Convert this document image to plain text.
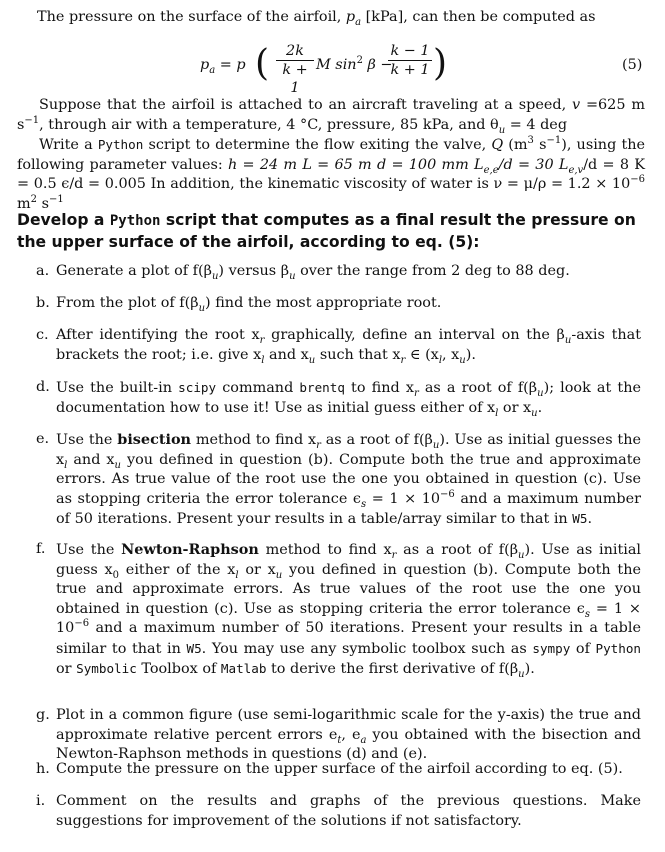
The pressure on the surface of the airfoil, $p_a$ [kPa], can then be computed as
$p_a = p$ ( $\frac{2k}{k + 1}$ M $\sin^2 \beta$ −
$\frac{k - 1}{k + 1}$ )	(5)
Suppose that the airfoil is attached to an aircraft traveling at a speed, v =625 m $s^{-1}$, through air with a temperature, 4 °C, pressure, 85 kPa, and $\theta_u = 4$ deg
Write a Python script to determine the flow exiting the valve, Q ($m^3$ $s^{-1}$), using the following parameter values: h = 24 m L = 65 m d = 100 mm $L_{e,e}/d = 30$ $L_{e,v}/d = 8$ K = 0.5 ϵ/d = 0.005 In addition, the kinematic viscosity of water is $\nu = \mu/\rho = 1.2 \times 10^{-6}$ $m^2$ $s^{-1}$
Develop a Python script that computes as a final result the pressure on the upper surface of the airfoil, according to eq. (5):
a. Generate a plot of $f(\beta_u)$ versus $\beta_u$ over the range from 2 deg to 88 deg.
b. From the plot of $f(\beta_u)$ find the most appropriate root.
c. After identifying the root $x_r$ graphically, define an interval on the $\beta_u$-axis that brackets the root; i.e. give $x_l$ and $x_u$ such that $x_r$ ∈ ($x_l$, $x_u$).
d. Use the built-in scipy command brentq to find $x_r$ as a root of $f(\beta_u)$; look at the documentation how to use it! Use as initial guess either of $x_l$ or $x_u$.
e. Use the bisection method to find $x_r$ as a root of $f(\beta_u)$. Use as initial guesses the $x_l$ and $x_u$ you defined in question (b). Compute both the true and approximate errors. As true value of the root use the one you obtained in question (c). Use as stopping criteria the error tolerance $\epsilon_s = 1 \times 10^{-6}$ and a maximum number of 50 iterations. Present your results in a table/array similar to that in W5.
f. Use the Newton-Raphson method to find $x_r$ as a root of $f(\beta_u)$. Use as initial guess $x_0$ either of the $x_l$ or $x_u$ you defined in question (b). Compute both the true and approximate errors. As true values of the root use the one you obtained in question (c). Use as stopping criteria the error tolerance $\epsilon_s = 1 \times 10^{-6}$ and a maximum number of 50 iterations. Present your results in a table similar to that in W5. You may use any symbolic toolbox such as sympy of Python or Symbolic Toolbox of Matlab to derive the first derivative of $f(\beta_u)$.
g. Plot in a common figure (use semi-logarithmic scale for the y-axis) the true and approximate relative percent errors $e_t$, $e_a$ you obtained with the bisection and Newton-Raphson methods in questions (d) and (e).
h. Compute the pressure on the upper surface of the airfoil according to eq. (5).
i. Comment on the results and graphs of the previous questions. Make suggestions for improvement of the solutions if not satisfactory.
